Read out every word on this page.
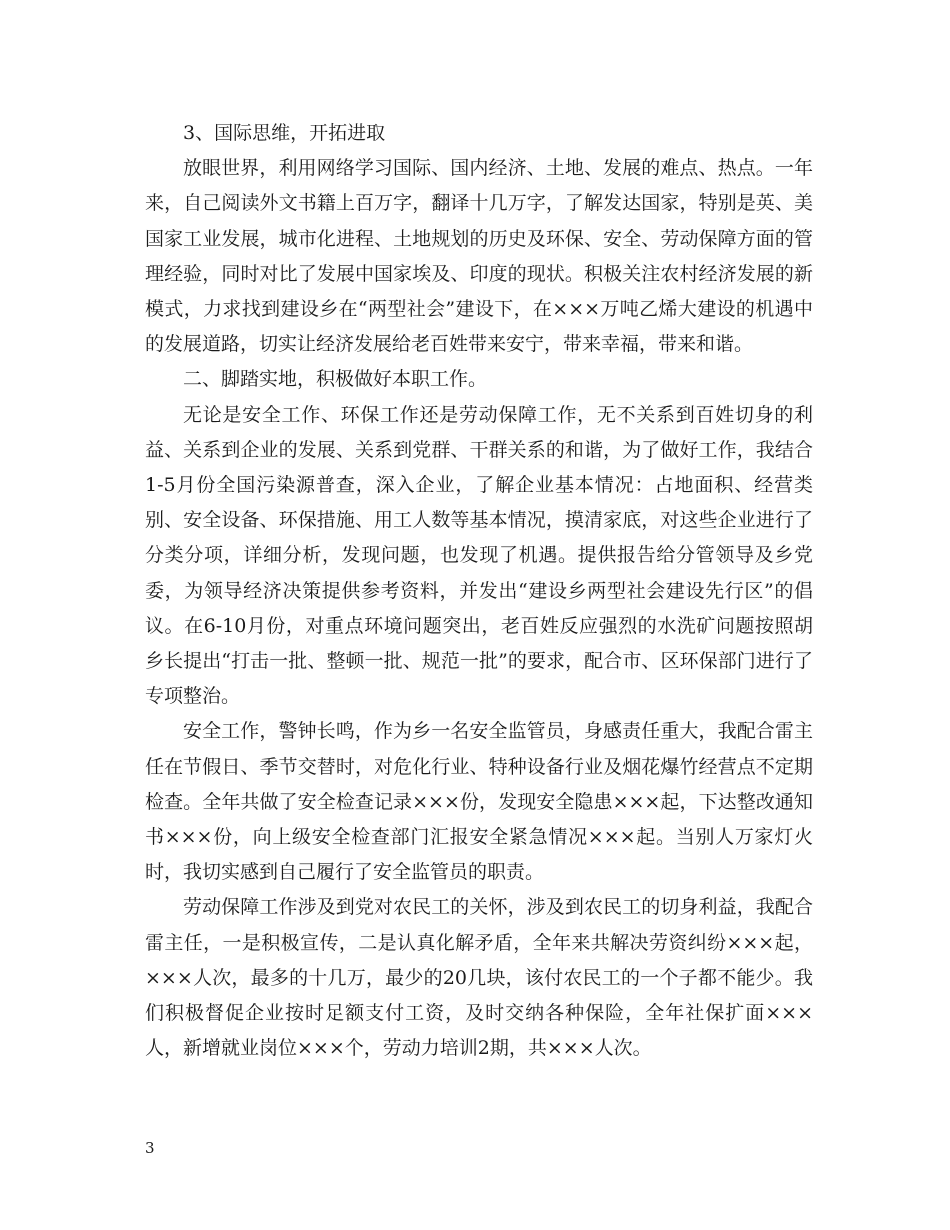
3、国际思维，开拓进取

放眼世界，利用网络学习国际、国内经济、土地、发展的难点、热点。一年来，自己阅读外文书籍上百万字，翻译十几万字，了解发达国家，特别是英、美国家工业发展，城市化进程、土地规划的历史及环保、安全、劳动保障方面的管理经验，同时对比了发展中国家埃及、印度的现状。积极关注农村经济发展的新模式，力求找到建设乡在“两型社会”建设下，在×××万吨乙烯大建设的机遇中的发展道路，切实让经济发展给老百姓带来安宁，带来幸福，带来和谐。

二、脚踏实地，积极做好本职工作。

无论是安全工作、环保工作还是劳动保障工作，无不关系到百姓切身的利益、关系到企业的发展、关系到党群、干群关系的和谐，为了做好工作，我结合1-5月份全国污染源普查，深入企业，了解企业基本情况：占地面积、经营类别、安全设备、环保措施、用工人数等基本情况，摸清家底，对这些企业进行了分类分项，详细分析，发现问题，也发现了机遇。提供报告给分管领导及乡党委，为领导经济决策提供参考资料，并发出“建设乡两型社会建设先行区”的倡议。在6-10月份，对重点环境问题突出，老百姓反应强烈的水洗矿问题按照胡乡长提出“打击一批、整顿一批、规范一批”的要求，配合市、区环保部门进行了专项整治。

安全工作，警钟长鸣，作为乡一名安全监管员，身感责任重大，我配合雷主任在节假日、季节交替时，对危化行业、特种设备行业及烟花爆竹经营点不定期检查。全年共做了安全检查记录×××份，发现安全隐患×××起，下达整改通知书×××份，向上级安全检查部门汇报安全紧急情况×××起。当别人万家灯火时，我切实感到自己履行了安全监管员的职责。

劳动保障工作涉及到党对农民工的关怀，涉及到农民工的切身利益，我配合雷主任，一是积极宣传，二是认真化解矛盾，全年来共解决劳资纠纷×××起，×××人次，最多的十几万，最少的20几块，该付农民工的一个子都不能少。我们积极督促企业按时足额支付工资，及时交纳各种保险，全年社保扩面×××人，新增就业岗位×××个，劳动力培训2期，共×××人次。

3
